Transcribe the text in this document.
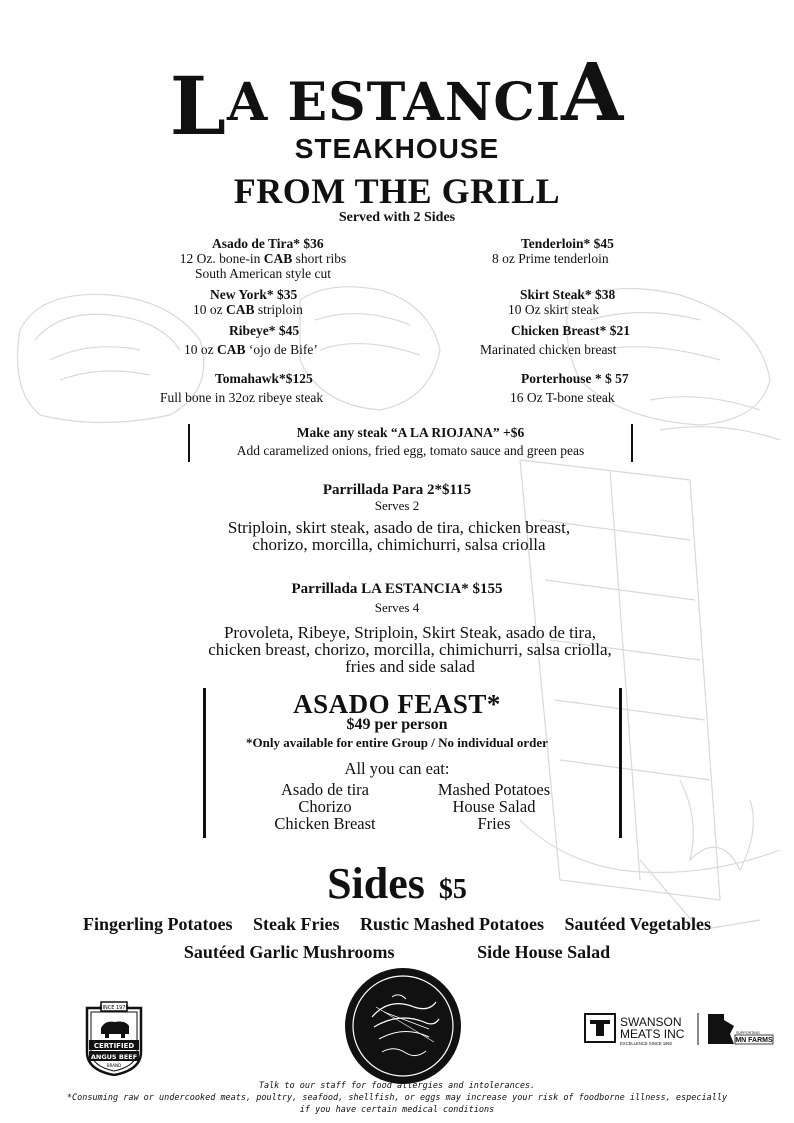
LA ESTANCIA
STEAKHOUSE
FROM THE GRILL
Served with 2 Sides
Asado de Tira* $36
12 Oz. bone-in CAB short ribs
South American style cut
New York* $35
10 oz CAB striploin
Ribeye* $45
10 oz CAB ‘ojo de Bife’
Tomahawk*$125
Full bone in 32oz ribeye steak
Tenderloin* $45
8 oz Prime tenderloin
Skirt Steak* $38
10 Oz skirt steak
Chicken Breast* $21
Marinated chicken breast
Porterhouse * $ 57
16 Oz T-bone steak
Make any steak “A LA RIOJANA” +$6
Add caramelized onions, fried egg, tomato sauce and green peas
Parrillada Para 2*$115
Serves 2
Striploin, skirt steak, asado de tira, chicken breast, chorizo, morcilla, chimichurri, salsa criolla
Parrillada LA ESTANCIA* $155
Serves 4
Provoleta, Ribeye, Striploin, Skirt Steak, asado de tira, chicken breast, chorizo, morcilla, chimichurri, salsa criolla, fries and side salad
ASADO FEAST*
$49 per person
*Only available for entire Group / No individual order
All you can eat:
Asado de tira
Chorizo
Chicken Breast
Mashed Potatoes
House Salad
Fries
Sides $5
Fingerling Potatoes Steak Fries Rustic Mashed Potatoes Sautéed Vegetables
Sautéed Garlic Mushrooms	Side House Salad
SINCE 1978
CERTIFIED
ANGUS BEEF
BRAND
SWANSON
MEATS INC
EXCELLENCE SINCE 1962
SUPPORTING
MN FARMS
Talk to our staff for food allergies and intolerances.
*Consuming raw or undercooked meats, poultry, seafood, shellfish, or eggs may increase your risk of foodborne illness, especially
if you have certain medical conditions
